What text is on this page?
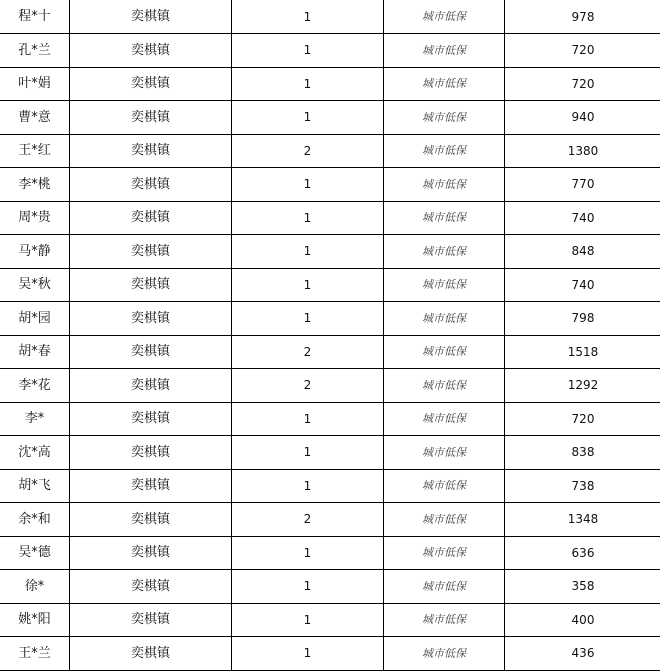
程*十	奕棋镇	1	城市低保	978
孔*兰	奕棋镇	1	城市低保	720
叶*娟	奕棋镇	1	城市低保	720
曹*意	奕棋镇	1	城市低保	940
王*红	奕棋镇	2	城市低保	1380
李*桃	奕棋镇	1	城市低保	770
周*贵	奕棋镇	1	城市低保	740
马*静	奕棋镇	1	城市低保	848
吴*秋	奕棋镇	1	城市低保	740
胡*园	奕棋镇	1	城市低保	798
胡*春	奕棋镇	2	城市低保	1518
李*花	奕棋镇	2	城市低保	1292
李*	奕棋镇	1	城市低保	720
沈*高	奕棋镇	1	城市低保	838
胡*飞	奕棋镇	1	城市低保	738
余*和	奕棋镇	2	城市低保	1348
吴*德	奕棋镇	1	城市低保	636
徐*	奕棋镇	1	城市低保	358
姚*阳	奕棋镇	1	城市低保	400
王*兰	奕棋镇	1	城市低保	436
